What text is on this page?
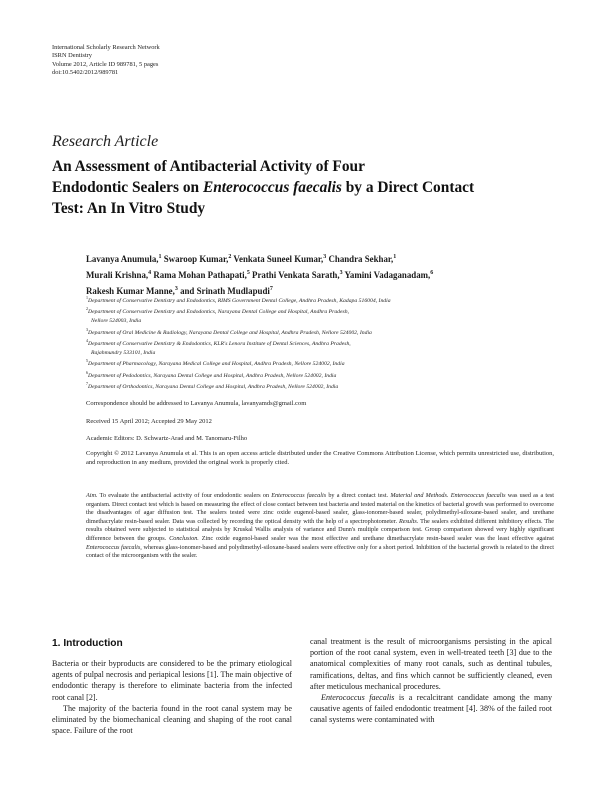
International Scholarly Research Network
ISRN Dentistry
Volume 2012, Article ID 989781, 5 pages
doi:10.5402/2012/989781
Research Article
An Assessment of Antibacterial Activity of Four
Endodontic Sealers on Enterococcus faecalis by a Direct Contact
Test: An In Vitro Study
Lavanya Anumula,$^1$ Swaroop Kumar,$^2$ Venkata Suneel Kumar,$^3$ Chandra Sekhar,$^1$
Murali Krishna,$^4$ Rama Mohan Pathapati,$^5$ Prathi Venkata Sarath,$^3$ Yamini Vadaganadam,$^6$
Rakesh Kumar Manne,$^3$ and Srinath Mudlapudi$^7$
$^1$Department of Conservative Dentistry and Endodontics, RIMS Government Dental College, Andhra Pradesh, Kadapa 516004, India
$^2$Department of Conservative Dentistry and Endodontics, Narayana Dental College and Hospital, Andhra Pradesh,
Nellore 524003, India
$^3$Department of Oral Medicine & Radiology, Narayana Dental College and Hospital, Andhra Pradesh, Nellore 524002, India
$^4$Department of Conservative Dentistry & Endodontics, KLR's Lenora Institute of Dental Sciences, Andhra Pradesh,
Rajahmundry 533101, India
$^5$Department of Pharmacology, Narayana Medical College and Hospital, Andhra Pradesh, Nellore 524002, India
$^6$Department of Pedodontics, Narayana Dental College and Hospital, Andhra Pradesh, Nellore 524002, India
$^7$Department of Orthodontics, Narayana Dental College and Hospital, Andhra Pradesh, Nellore 524002, India
Correspondence should be addressed to Lavanya Anumula, lavanyamds@gmail.com
Received 15 April 2012; Accepted 29 May 2012
Academic Editors: D. Schwartz-Arad and M. Tanomaru-Filho
Copyright © 2012 Lavanya Anumula et al. This is an open access article distributed under the Creative Commons Attribution License, which permits unrestricted use, distribution, and reproduction in any medium, provided the original work is properly cited.
Aim. To evaluate the antibacterial activity of four endodontic sealers on Enterococcus faecalis by a direct contact test. Material and Methods. Enterococcus faecalis was used as a test organism. Direct contact test which is based on measuring the effect of close contact between test bacteria and tested material on the kinetics of bacterial growth was performed to overcome the disadvantages of agar diffusion test. The sealers tested were zinc oxide eugenol-based sealer, glass-ionomer-based sealer, polydimethyl-siloxane-based sealer, and urethane dimethacrylate resin-based sealer. Data was collected by recording the optical density with the help of a spectrophotometer. Results. The sealers exhibited different inhibitory effects. The results obtained were subjected to statistical analysis by Kruskal Wallis analysis of variance and Dunn's multiple comparison test. Group comparison showed very highly significant difference between the groups. Conclusion. Zinc oxide eugenol-based sealer was the most effective and urethane dimethacrylate resin-based sealer was the least effective against Enterococcus faecalis, whereas glass-ionomer-based and polydimethyl-siloxane-based sealers were effective only for a short period. Inhibition of the bacterial growth is related to the direct contact of the microorganism with the sealer.
1. Introduction

Bacteria or their byproducts are considered to be the primary etiological agents of pulpal necrosis and periapical lesions [1]. The main objective of endodontic therapy is therefore to eliminate bacteria from the infected root canal [2].

The majority of the bacteria found in the root canal system may be eliminated by the biomechanical cleaning and shaping of the root canal space. Failure of the root

canal treatment is the result of microorganisms persisting in the apical portion of the root canal system, even in well-treated teeth [3] due to the anatomical complexities of many root canals, such as dentinal tubules, ramifications, deltas, and fins which cannot be sufficiently cleaned, even after meticulous mechanical procedures.

Enterococcus faecalis is a recalcitrant candidate among the many causative agents of failed endodontic treatment [4]. 38% of the failed root canal systems were contaminated with
